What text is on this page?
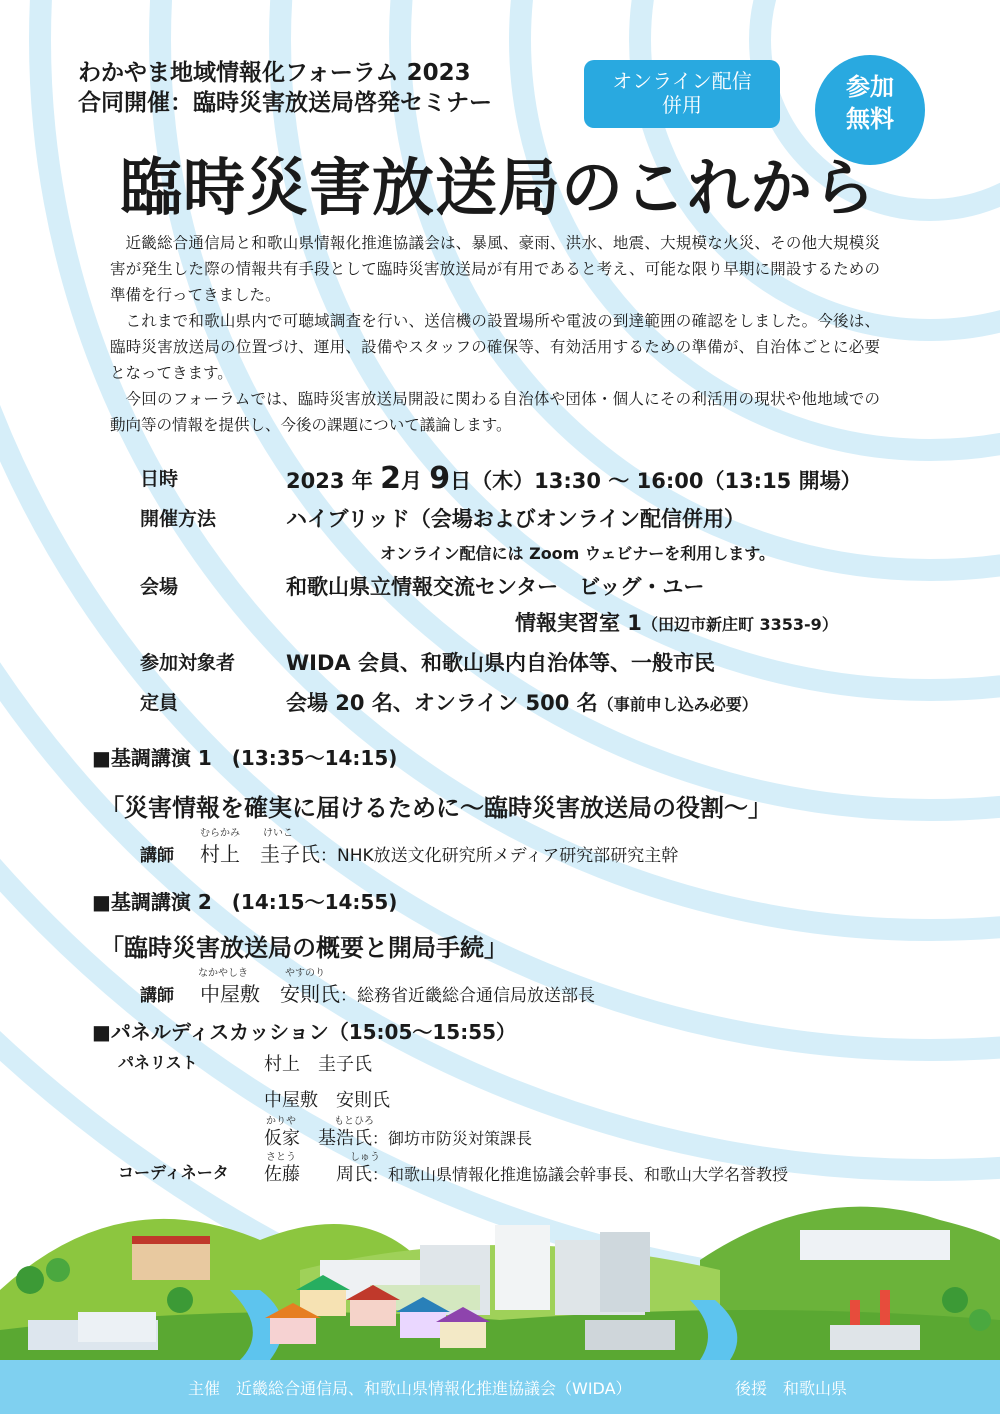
わかやま地域情報化フォーラム 2023
合同開催：臨時災害放送局啓発セミナー
オンライン配信
併用
参加
無料
臨時災害放送局のこれから

近畿総合通信局と和歌山県情報化推進協議会は、暴風、豪雨、洪水、地震、大規模な火災、その他大規模災害が発生した際の情報共有手段として臨時災害放送局が有用であると考え、可能な限り早期に開設するための準備を行ってきました。

これまで和歌山県内で可聴域調査を行い、送信機の設置場所や電波の到達範囲の確認をしました。今後は、臨時災害放送局の位置づけ、運用、設備やスタッフの確保等、有効活用するための準備が、自治体ごとに必要となってきます。

今回のフォーラムでは、臨時災害放送局開設に関わる自治体や団体・個人にその利活用の現状や他地域での動向等の情報を提供し、今後の課題について議論します。

日時	2023 年 2月 9日（木）13:30 ～ 16:00（13:15 開場）
開催方法	ハイブリッド（会場およびオンライン配信併用）
オンライン配信には Zoom ウェビナーを利用します。
会場	和歌山県立情報交流センター　ビッグ・ユー
情報実習室 1（田辺市新庄町 3353-9）
参加対象者 WIDA 会員、和歌山県内自治体等、一般市民
定員	会場 20 名、オンライン 500 名（事前申し込み必要）
■基調講演 1　(13:35～14:15)
「災害情報を確実に届けるために～臨時災害放送局の役割～」
むらかみ けいこ
講師 村上　圭子氏：NHK放送文化研究所メディア研究部研究主幹
■基調講演 2　(14:15～14:55)
「臨時災害放送局の概要と開局手続」
なかやしき	やすのり
講師 中屋敷　安則氏：総務省近畿総合通信局放送部長
■パネルディスカッション（15:05～15:55）
パネリスト	村上　圭子氏
中屋敷　安則氏
かりや	もとひろ
仮家　基浩氏：御坊市防災対策課長
さとう	しゅう
コーディネータ 佐藤　　周氏：和歌山県情報化推進協議会幹事長、和歌山大学名誉教授
主催　近畿総合通信局、和歌山県情報化推進協議会（WIDA）	後援　和歌山県
